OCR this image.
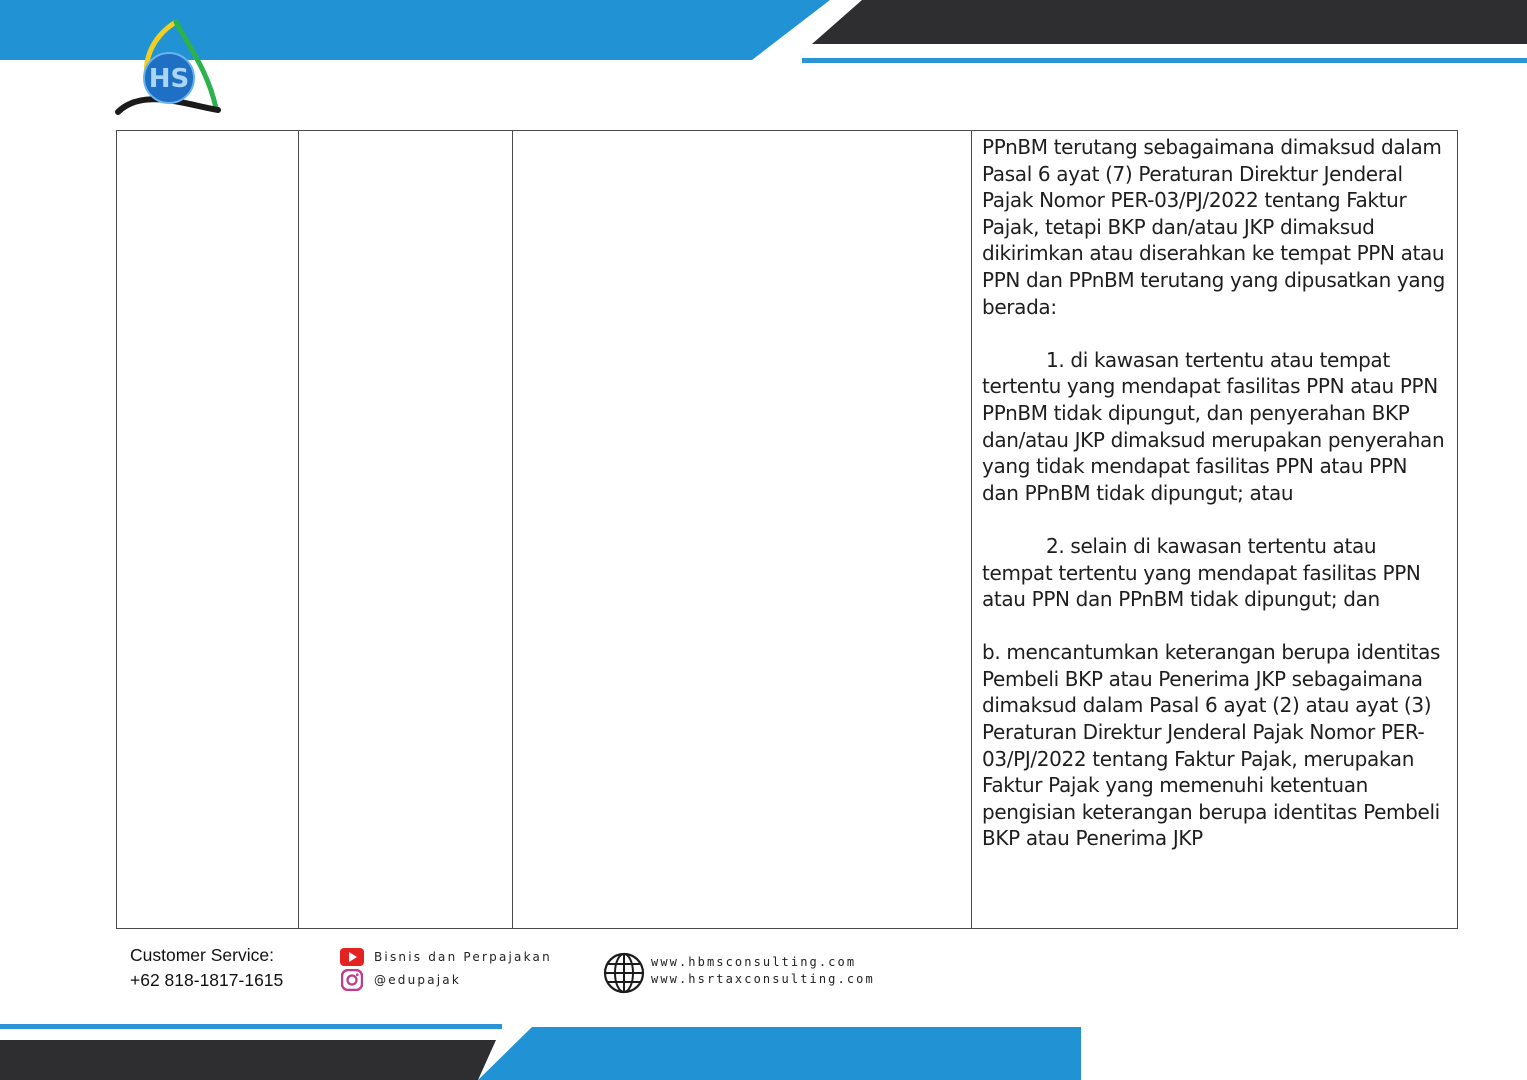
HS

PPnBM terutang sebagaimana dimaksud dalam Pasal 6 ayat (7) Peraturan Direktur Jenderal Pajak Nomor PER-03/PJ/2022 tentang Faktur Pajak, tetapi BKP dan/atau JKP dimaksud dikirimkan atau diserahkan ke tempat PPN atau PPN dan PPnBM terutang yang dipusatkan yang berada:

1. di kawasan tertentu atau tempat tertentu yang mendapat fasilitas PPN atau PPN PPnBM tidak dipungut, dan penyerahan BKP dan/atau JKP dimaksud merupakan penyerahan yang tidak mendapat fasilitas PPN atau PPN dan PPnBM tidak dipungut; atau

2. selain di kawasan tertentu atau tempat tertentu yang mendapat fasilitas PPN atau PPN dan PPnBM tidak dipungut; dan

b. mencantumkan keterangan berupa identitas Pembeli BKP atau Penerima JKP sebagaimana dimaksud dalam Pasal 6 ayat (2) atau ayat (3) Peraturan Direktur Jenderal Pajak Nomor PER-03/PJ/2022 tentang Faktur Pajak, merupakan Faktur Pajak yang memenuhi ketentuan pengisian keterangan berupa identitas Pembeli BKP atau Penerima JKP

Customer Service:
+62 818-1817-1615
Bisnis dan Perpajakan
@edupajak
www.hbmsconsulting.com
www.hsrtaxconsulting.com
